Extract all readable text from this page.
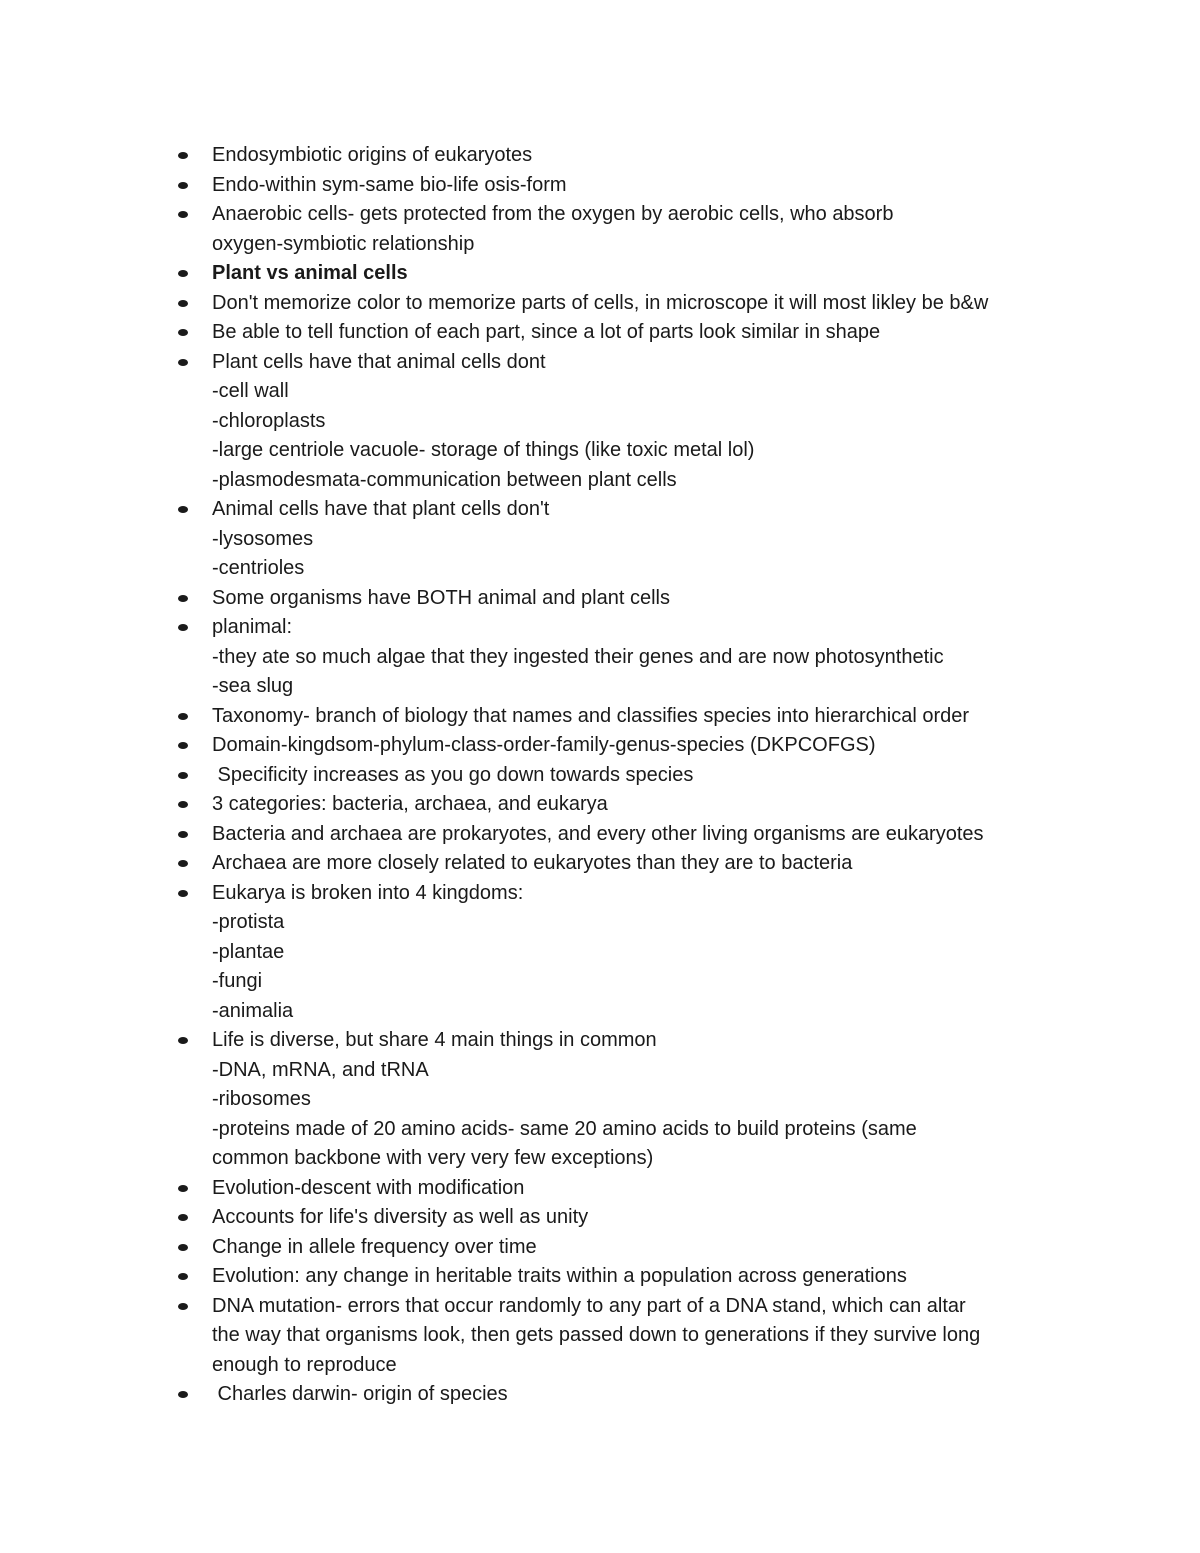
Endosymbiotic origins of eukaryotes
Endo-within sym-same bio-life osis-form
Anaerobic cells- gets protected from the oxygen by aerobic cells, who absorb
oxygen-symbiotic relationship
Plant vs animal cells
Don't memorize color to memorize parts of cells, in microscope it will most likley be b&w
Be able to tell function of each part, since a lot of parts look similar in shape
Plant cells have that animal cells dont
-cell wall
-chloroplasts
-large centriole vacuole- storage of things (like toxic metal lol)
-plasmodesmata-communication between plant cells
Animal cells have that plant cells don't
-lysosomes
-centrioles
Some organisms have BOTH animal and plant cells
planimal:
-they ate so much algae that they ingested their genes and are now photosynthetic
-sea slug
Taxonomy- branch of biology that names and classifies species into hierarchical order
Domain-kingdsom-phylum-class-order-family-genus-species (DKPCOFGS)
Specificity increases as you go down towards species
3 categories: bacteria, archaea, and eukarya
Bacteria and archaea are prokaryotes, and every other living organisms are eukaryotes
Archaea are more closely related to eukaryotes than they are to bacteria
Eukarya is broken into 4 kingdoms:
-protista
-plantae
-fungi
-animalia
Life is diverse, but share 4 main things in common
-DNA, mRNA, and tRNA
-ribosomes
-proteins made of 20 amino acids- same 20 amino acids to build proteins (same
common backbone with very very few exceptions)
Evolution-descent with modification
Accounts for life's diversity as well as unity
Change in allele frequency over time
Evolution: any change in heritable traits within a population across generations
DNA mutation- errors that occur randomly to any part of a DNA stand, which can altar
the way that organisms look, then gets passed down to generations if they survive long
enough to reproduce
Charles darwin- origin of species
